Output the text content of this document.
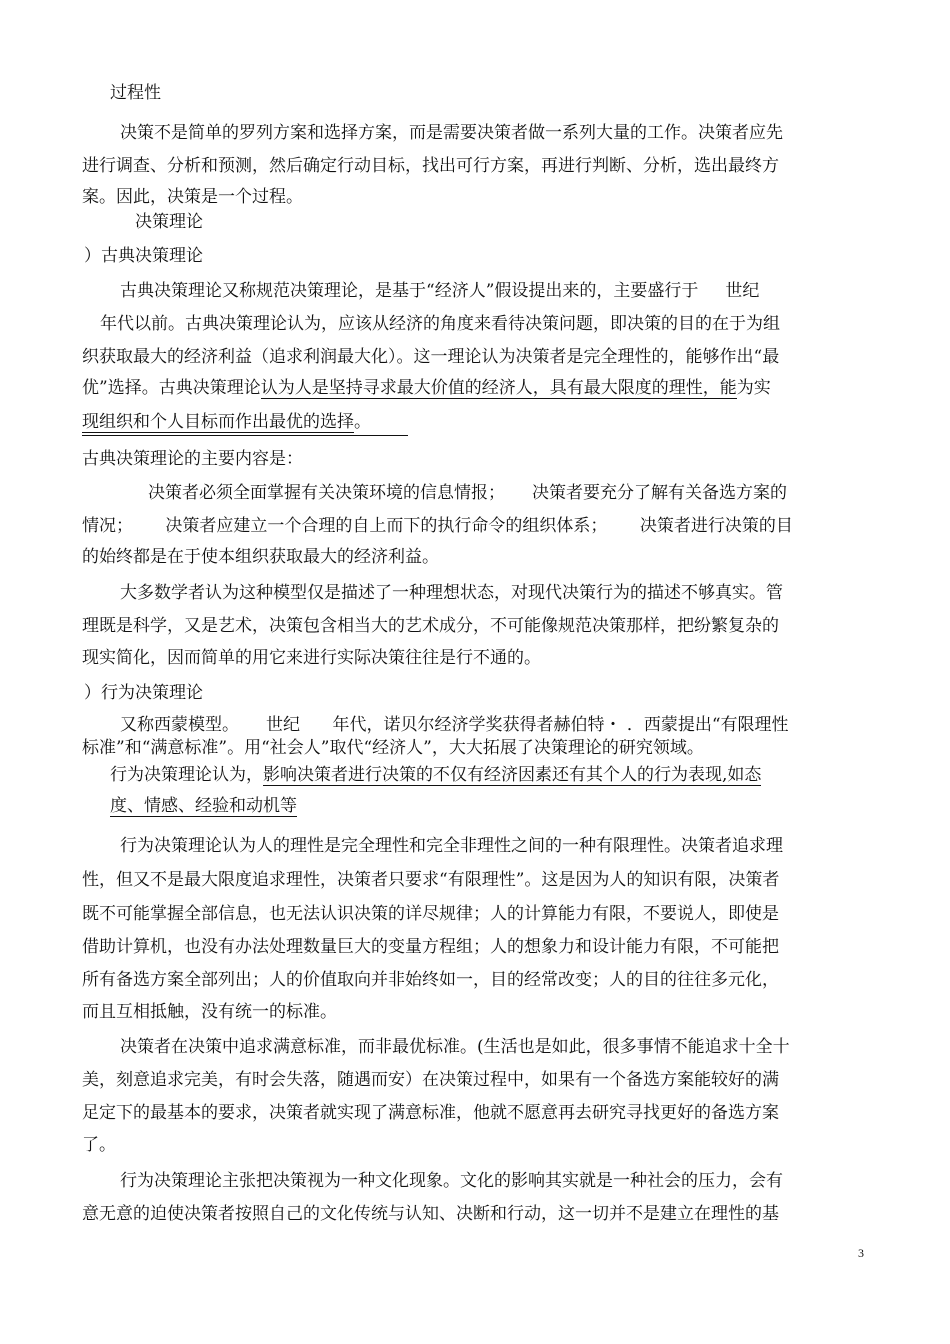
过程性
决策不是简单的罗列方案和选择方案，而是需要决策者做一系列大量的工作。决策者应先
进行调查、分析和预测，然后确定行动目标，找出可行方案，再进行判断、分析，选出最终方
案。因此，决策是一个过程。
决策理论
）古典决策理论
古典决策理论又称规范决策理论，是基于“经济人”假设提出来的，主要盛行于     世纪
年代以前。古典决策理论认为，应该从经济的角度来看待决策问题，即决策的目的在于为组
织获取最大的经济利益（追求利润最大化）。这一理论认为决策者是完全理性的，能够作出“最
优”选择。古典决策理论认为人是坚持寻求最大价值的经济人，具有最大限度的理性，能为实
现组织和个人目标而作出最优的选择。
古典决策理论的主要内容是：
决策者必须全面掌握有关决策环境的信息情报；     决策者要充分了解有关备选方案的
情况；      决策者应建立一个合理的自上而下的执行命令的组织体系；      决策者进行决策的目
的始终都是在于使本组织获取最大的经济利益。
大多数学者认为这种模型仅是描述了一种理想状态，对现代决策行为的描述不够真实。管
理既是科学，又是艺术，决策包含相当大的艺术成分，不可能像规范决策那样，把纷繁复杂的
现实简化，因而简单的用它来进行实际决策往往是行不通的。
）行为决策理论
又称西蒙模型。     世纪      年代，诺贝尔经济学奖获得者赫伯特・ ．西蒙提出“有限理性
标准”和“满意标准”。用“社会人”取代“经济人”，大大拓展了决策理论的研究领域。
行为决策理论认为，影响决策者进行决策的不仅有经济因素还有其个人的行为表现,如态
度、情感、经验和动机等
行为决策理论认为人的理性是完全理性和完全非理性之间的一种有限理性。决策者追求理
性，但又不是最大限度追求理性，决策者只要求“有限理性”。这是因为人的知识有限，决策者
既不可能掌握全部信息，也无法认识决策的详尽规律；人的计算能力有限，不要说人，即使是
借助计算机，也没有办法处理数量巨大的变量方程组；人的想象力和设计能力有限，不可能把
所有备选方案全部列出；人的价值取向并非始终如一，目的经常改变；人的目的往往多元化，
而且互相抵触，没有统一的标准。
决策者在决策中追求满意标准，而非最优标准。(生活也是如此，很多事情不能追求十全十
美，刻意追求完美，有时会失落，随遇而安）在决策过程中，如果有一个备选方案能较好的满
足定下的最基本的要求，决策者就实现了满意标准，他就不愿意再去研究寻找更好的备选方案
了。
行为决策理论主张把决策视为一种文化现象。文化的影响其实就是一种社会的压力，会有
意无意的迫使决策者按照自己的文化传统与认知、决断和行动，这一切并不是建立在理性的基
3
